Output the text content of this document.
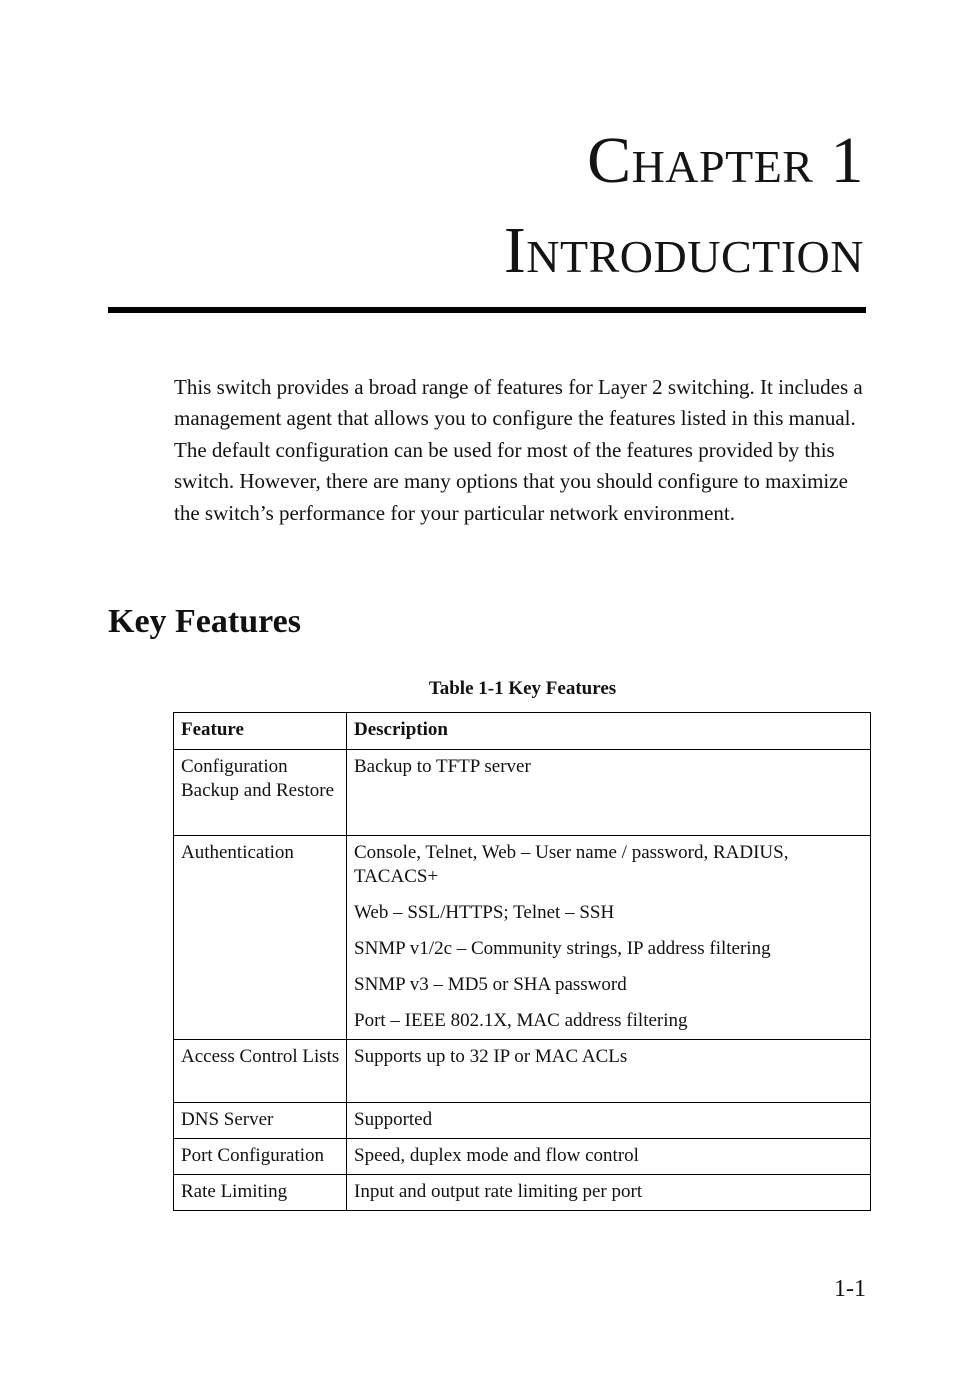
Chapter 1
Introduction

This switch provides a broad range of features for Layer 2 switching. It includes a management agent that allows you to configure the features listed in this manual. The default configuration can be used for most of the features provided by this switch. However, there are many options that you should configure to maximize the switch’s performance for your particular network environment.

Key Features
Table 1-1 Key Features
Feature	Description
Configuration Backup and Restore	Backup to TFTP server

Authentication	Console, Telnet, Web – User name / password, RADIUS, TACACS+
Web – SSL/HTTPS; Telnet – SSH
SNMP v1/2c – Community strings, IP address filtering
SNMP v3 – MD5 or SHA password
Port – IEEE 802.1X, MAC address filtering

Access Control Lists	Supports up to 32 IP or MAC ACLs

DNS Server	Supported

Port Configuration	Speed, duplex mode and flow control

Rate Limiting	Input and output rate limiting per port
1-1
